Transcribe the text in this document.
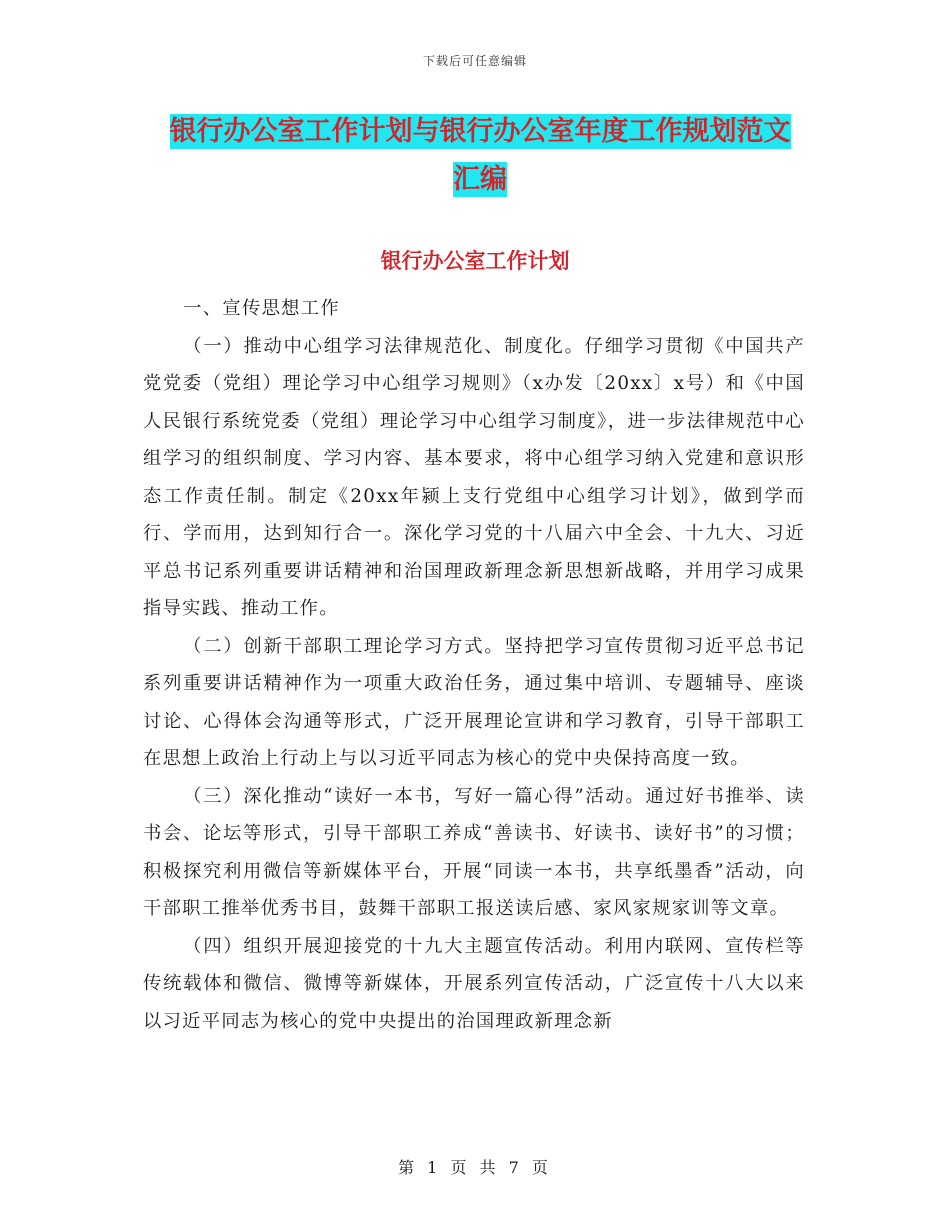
下载后可任意编辑
银行办公室工作计划与银行办公室年度工作规划范文
汇编
银行办公室工作计划

一、宣传思想工作

（一）推动中心组学习法律规范化、制度化。仔细学习贯彻《中国共产党党委（党组）理论学习中心组学习规则》（x办发〔20xx〕x号）和《中国人民银行系统党委（党组）理论学习中心组学习制度》，进一步法律规范中心组学习的组织制度、学习内容、基本要求，将中心组学习纳入党建和意识形态工作责任制。制定《20xx年颍上支行党组中心组学习计划》，做到学而行、学而用，达到知行合一。深化学习党的十八届六中全会、十九大、习近平总书记系列重要讲话精神和治国理政新理念新思想新战略，并用学习成果指导实践、推动工作。

（二）创新干部职工理论学习方式。坚持把学习宣传贯彻习近平总书记系列重要讲话精神作为一项重大政治任务，通过集中培训、专题辅导、座谈讨论、心得体会沟通等形式，广泛开展理论宣讲和学习教育，引导干部职工在思想上政治上行动上与以习近平同志为核心的党中央保持高度一致。

（三）深化推动“读好一本书，写好一篇心得”活动。通过好书推举、读书会、论坛等形式，引导干部职工养成“善读书、好读书、读好书”的习惯；积极探究利用微信等新媒体平台，开展“同读一本书，共享纸墨香”活动，向干部职工推举优秀书目，鼓舞干部职工报送读后感、家风家规家训等文章。

（四）组织开展迎接党的十九大主题宣传活动。利用内联网、宣传栏等传统载体和微信、微博等新媒体，开展系列宣传活动，广泛宣传十八大以来以习近平同志为核心的党中央提出的治国理政新理念新

第 1 页 共 7 页
